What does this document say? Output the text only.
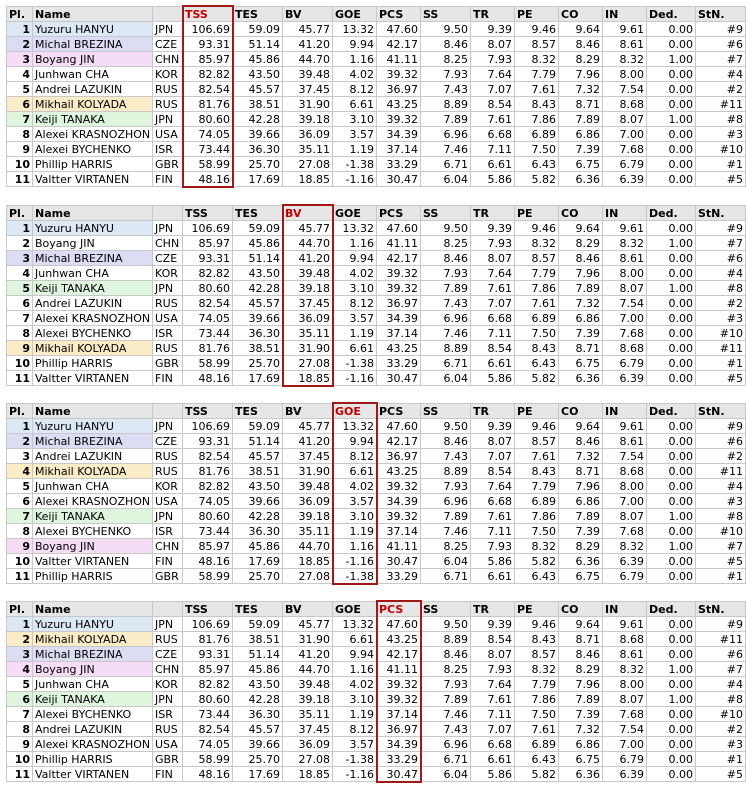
Pl.	Name		TSS	TES	BV	GOE	PCS	SS	TR	PE	CO	IN	Ded.	StN.
1	Yuzuru HANYU	JPN	106.69	59.09	45.77	13.32	47.60	9.50	9.39	9.46	9.64	9.61	0.00	#9
2	Michal BREZINA	CZE	93.31	51.14	41.20	9.94	42.17	8.46	8.07	8.57	8.46	8.61	0.00	#6
3	Boyang JIN	CHN	85.97	45.86	44.70	1.16	41.11	8.25	7.93	8.32	8.29	8.32	1.00	#7
4	Junhwan CHA	KOR	82.82	43.50	39.48	4.02	39.32	7.93	7.64	7.79	7.96	8.00	0.00	#4
5	Andrei LAZUKIN	RUS	82.54	45.57	37.45	8.12	36.97	7.43	7.07	7.61	7.32	7.54	0.00	#2
6	Mikhail KOLYADA	RUS	81.76	38.51	31.90	6.61	43.25	8.89	8.54	8.43	8.71	8.68	0.00	#11
7	Keiji TANAKA	JPN	80.60	42.28	39.18	3.10	39.32	7.89	7.61	7.86	7.89	8.07	1.00	#8
8	Alexei KRASNOZHON	USA	74.05	39.66	36.09	3.57	34.39	6.96	6.68	6.89	6.86	7.00	0.00	#3
9	Alexei BYCHENKO	ISR	73.44	36.30	35.11	1.19	37.14	7.46	7.11	7.50	7.39	7.68	0.00	#10
10	Phillip HARRIS	GBR	58.99	25.70	27.08	-1.38	33.29	6.71	6.61	6.43	6.75	6.79	0.00	#1
11	Valtter VIRTANEN	FIN	48.16	17.69	18.85	-1.16	30.47	6.04	5.86	5.82	6.36	6.39	0.00	#5
Pl.	Name		TSS	TES	BV	GOE	PCS	SS	TR	PE	CO	IN	Ded.	StN.
1	Yuzuru HANYU	JPN	106.69	59.09	45.77	13.32	47.60	9.50	9.39	9.46	9.64	9.61	0.00	#9
2	Boyang JIN	CHN	85.97	45.86	44.70	1.16	41.11	8.25	7.93	8.32	8.29	8.32	1.00	#7
3	Michal BREZINA	CZE	93.31	51.14	41.20	9.94	42.17	8.46	8.07	8.57	8.46	8.61	0.00	#6
4	Junhwan CHA	KOR	82.82	43.50	39.48	4.02	39.32	7.93	7.64	7.79	7.96	8.00	0.00	#4
5	Keiji TANAKA	JPN	80.60	42.28	39.18	3.10	39.32	7.89	7.61	7.86	7.89	8.07	1.00	#8
6	Andrei LAZUKIN	RUS	82.54	45.57	37.45	8.12	36.97	7.43	7.07	7.61	7.32	7.54	0.00	#2
7	Alexei KRASNOZHON	USA	74.05	39.66	36.09	3.57	34.39	6.96	6.68	6.89	6.86	7.00	0.00	#3
8	Alexei BYCHENKO	ISR	73.44	36.30	35.11	1.19	37.14	7.46	7.11	7.50	7.39	7.68	0.00	#10
9	Mikhail KOLYADA	RUS	81.76	38.51	31.90	6.61	43.25	8.89	8.54	8.43	8.71	8.68	0.00	#11
10	Phillip HARRIS	GBR	58.99	25.70	27.08	-1.38	33.29	6.71	6.61	6.43	6.75	6.79	0.00	#1
11	Valtter VIRTANEN	FIN	48.16	17.69	18.85	-1.16	30.47	6.04	5.86	5.82	6.36	6.39	0.00	#5
Pl.	Name		TSS	TES	BV	GOE	PCS	SS	TR	PE	CO	IN	Ded.	StN.
1	Yuzuru HANYU	JPN	106.69	59.09	45.77	13.32	47.60	9.50	9.39	9.46	9.64	9.61	0.00	#9
2	Michal BREZINA	CZE	93.31	51.14	41.20	9.94	42.17	8.46	8.07	8.57	8.46	8.61	0.00	#6
3	Andrei LAZUKIN	RUS	82.54	45.57	37.45	8.12	36.97	7.43	7.07	7.61	7.32	7.54	0.00	#2
4	Mikhail KOLYADA	RUS	81.76	38.51	31.90	6.61	43.25	8.89	8.54	8.43	8.71	8.68	0.00	#11
5	Junhwan CHA	KOR	82.82	43.50	39.48	4.02	39.32	7.93	7.64	7.79	7.96	8.00	0.00	#4
6	Alexei KRASNOZHON	USA	74.05	39.66	36.09	3.57	34.39	6.96	6.68	6.89	6.86	7.00	0.00	#3
7	Keiji TANAKA	JPN	80.60	42.28	39.18	3.10	39.32	7.89	7.61	7.86	7.89	8.07	1.00	#8
8	Alexei BYCHENKO	ISR	73.44	36.30	35.11	1.19	37.14	7.46	7.11	7.50	7.39	7.68	0.00	#10
9	Boyang JIN	CHN	85.97	45.86	44.70	1.16	41.11	8.25	7.93	8.32	8.29	8.32	1.00	#7
10	Valtter VIRTANEN	FIN	48.16	17.69	18.85	-1.16	30.47	6.04	5.86	5.82	6.36	6.39	0.00	#5
11	Phillip HARRIS	GBR	58.99	25.70	27.08	-1.38	33.29	6.71	6.61	6.43	6.75	6.79	0.00	#1
Pl.	Name		TSS	TES	BV	GOE	PCS	SS	TR	PE	CO	IN	Ded.	StN.
1	Yuzuru HANYU	JPN	106.69	59.09	45.77	13.32	47.60	9.50	9.39	9.46	9.64	9.61	0.00	#9
2	Mikhail KOLYADA	RUS	81.76	38.51	31.90	6.61	43.25	8.89	8.54	8.43	8.71	8.68	0.00	#11
3	Michal BREZINA	CZE	93.31	51.14	41.20	9.94	42.17	8.46	8.07	8.57	8.46	8.61	0.00	#6
4	Boyang JIN	CHN	85.97	45.86	44.70	1.16	41.11	8.25	7.93	8.32	8.29	8.32	1.00	#7
5	Junhwan CHA	KOR	82.82	43.50	39.48	4.02	39.32	7.93	7.64	7.79	7.96	8.00	0.00	#4
6	Keiji TANAKA	JPN	80.60	42.28	39.18	3.10	39.32	7.89	7.61	7.86	7.89	8.07	1.00	#8
7	Alexei BYCHENKO	ISR	73.44	36.30	35.11	1.19	37.14	7.46	7.11	7.50	7.39	7.68	0.00	#10
8	Andrei LAZUKIN	RUS	82.54	45.57	37.45	8.12	36.97	7.43	7.07	7.61	7.32	7.54	0.00	#2
9	Alexei KRASNOZHON	USA	74.05	39.66	36.09	3.57	34.39	6.96	6.68	6.89	6.86	7.00	0.00	#3
10	Phillip HARRIS	GBR	58.99	25.70	27.08	-1.38	33.29	6.71	6.61	6.43	6.75	6.79	0.00	#1
11	Valtter VIRTANEN	FIN	48.16	17.69	18.85	-1.16	30.47	6.04	5.86	5.82	6.36	6.39	0.00	#5
